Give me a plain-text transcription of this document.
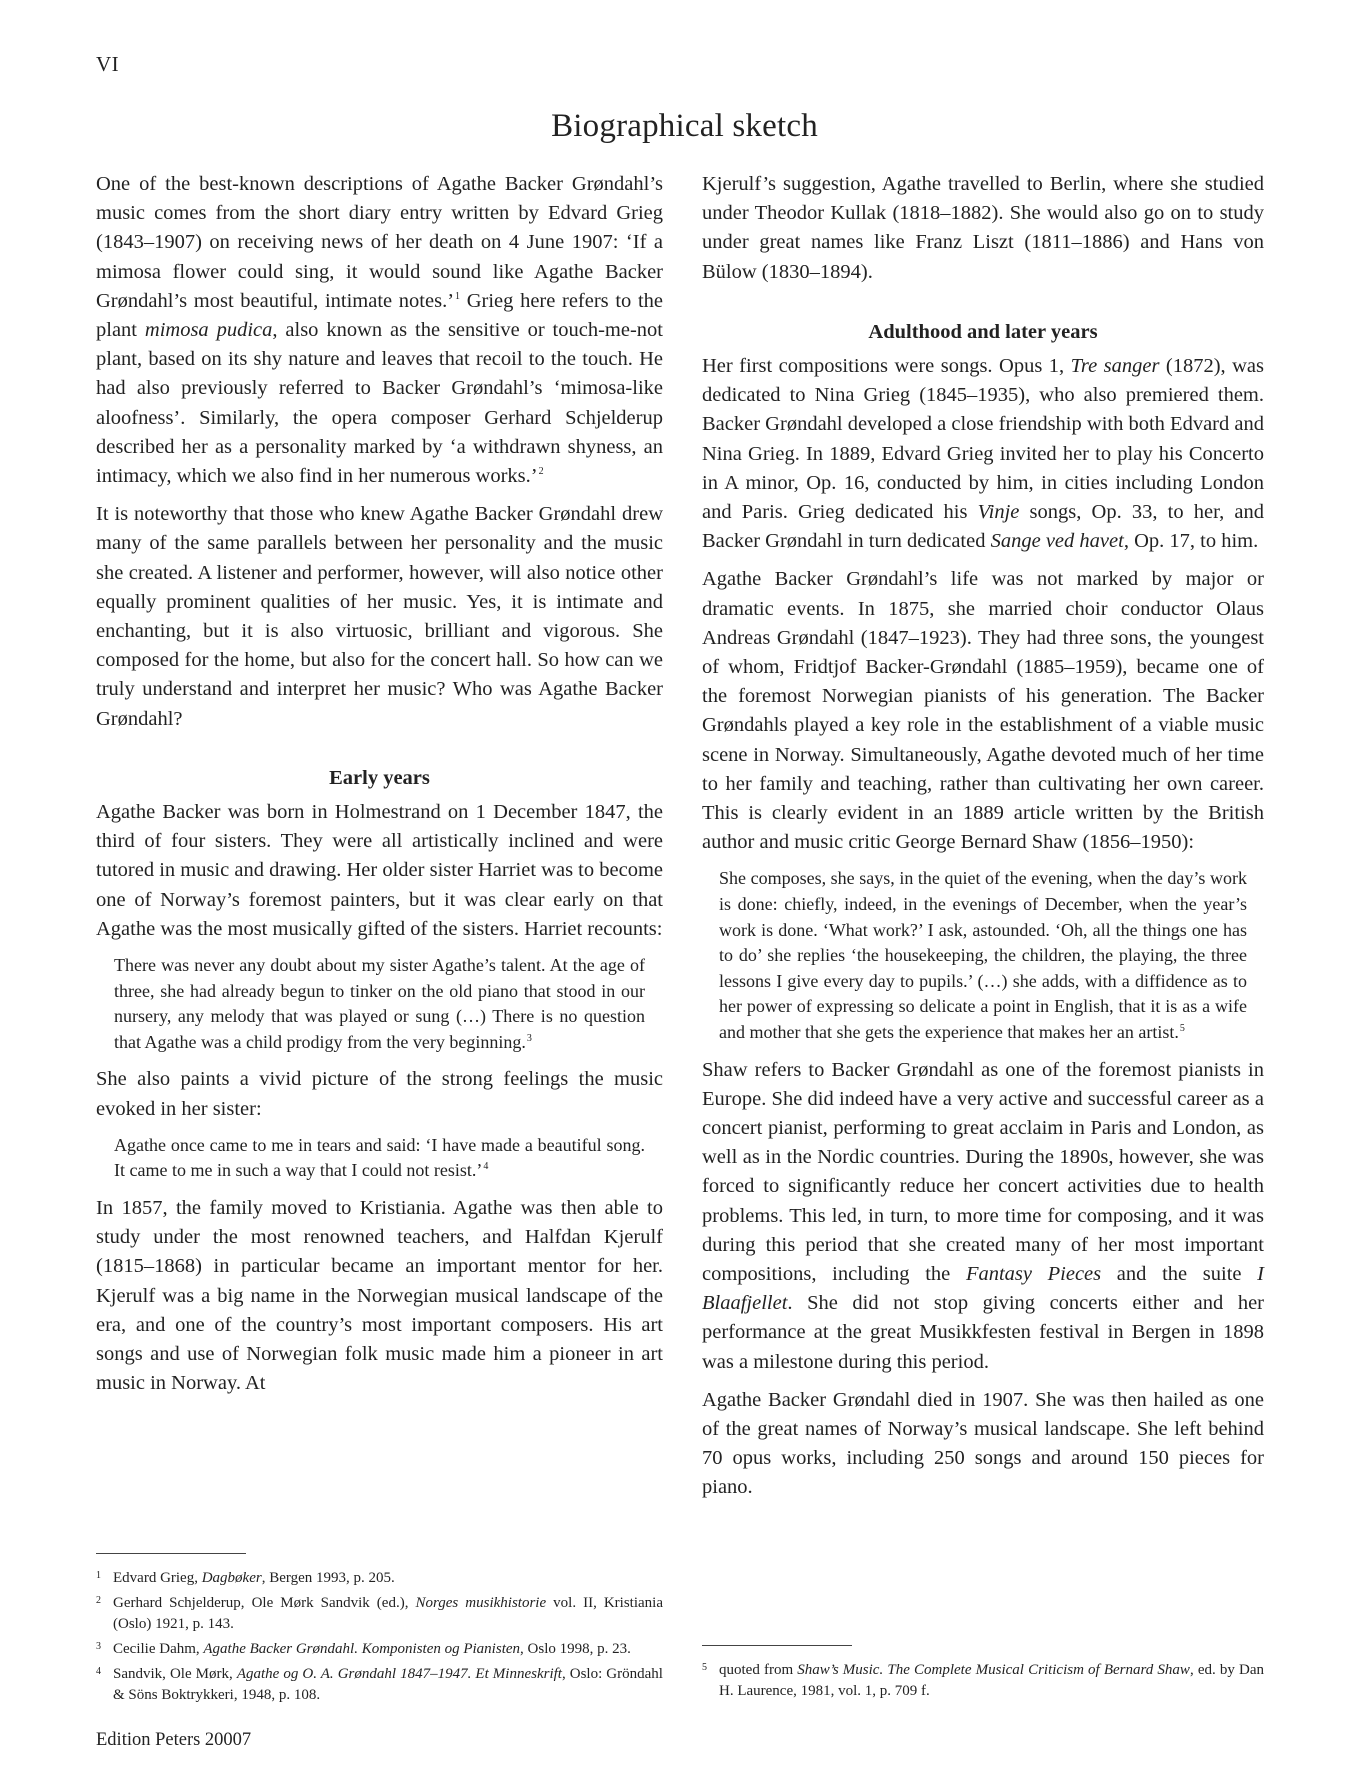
VI
Biographical sketch

One of the best-known descriptions of Agathe Backer Grøndahl’s music comes from the short diary entry written by Edvard Grieg (1843–1907) on receiving news of her death on 4 June 1907: ‘If a mimosa flower could sing, it would sound like Agathe Backer Grøndahl’s most beautiful, intimate notes.’$^1$ Grieg here refers to the plant mimosa pudica, also known as the sensitive or touch-me-not plant, based on its shy nature and leaves that recoil to the touch. He had also previously referred to Backer Grøndahl’s ‘mimosa-like aloofness’. Similarly, the opera composer Gerhard Schjelderup described her as a personality marked by ‘a withdrawn shyness, an intimacy, which we also find in her numerous works.’$^2$

It is noteworthy that those who knew Agathe Backer Grøndahl drew many of the same parallels between her personality and the music she created. A listener and performer, however, will also notice other equally prominent qualities of her music. Yes, it is intimate and enchanting, but it is also virtuosic, brilliant and vigorous. She composed for the home, but also for the concert hall. So how can we truly understand and interpret her music? Who was Agathe Backer Grøndahl?

Early years

Agathe Backer was born in Holmestrand on 1 December 1847, the third of four sisters. They were all artistically inclined and were tutored in music and drawing. Her older sister Harriet was to become one of Norway’s foremost painters, but it was clear early on that Agathe was the most musically gifted of the sisters. Harriet recounts:

There was never any doubt about my sister Agathe’s talent. At the age of three, she had already begun to tinker on the old piano that stood in our nursery, any melody that was played or sung (…) There is no question that Agathe was a child prodigy from the very beginning.$^3$

She also paints a vivid picture of the strong feelings the music evoked in her sister:

Agathe once came to me in tears and said: ‘I have made a beautiful song. It came to me in such a way that I could not resist.’$^4$

In 1857, the family moved to Kristiania. Agathe was then able to study under the most renowned teachers, and Halfdan Kjerulf (1815–1868) in particular became an important mentor for her. Kjerulf was a big name in the Norwegian musical landscape of the era, and one of the country’s most important composers. His art songs and use of Norwegian folk music made him a pioneer in art music in Norway. At

Kjerulf’s suggestion, Agathe travelled to Berlin, where she studied under Theodor Kullak (1818–1882). She would also go on to study under great names like Franz Liszt (1811–1886) and Hans von Bülow (1830–1894).

Adulthood and later years

Her first compositions were songs. Opus 1, Tre sanger (1872), was dedicated to Nina Grieg (1845–1935), who also premiered them. Backer Grøndahl developed a close friendship with both Edvard and Nina Grieg. In 1889, Edvard Grieg invited her to play his Concerto in A minor, Op. 16, conducted by him, in cities including London and Paris. Grieg dedicated his Vinje songs, Op. 33, to her, and Backer Grøndahl in turn dedicated Sange ved havet, Op. 17, to him.

Agathe Backer Grøndahl’s life was not marked by major or dramatic events. In 1875, she married choir conductor Olaus Andreas Grøndahl (1847–1923). They had three sons, the youngest of whom, Fridtjof Backer-Grøndahl (1885–1959), became one of the foremost Norwegian pianists of his generation. The Backer Grøndahls played a key role in the establishment of a viable music scene in Norway. Simultaneously, Agathe devoted much of her time to her family and teaching, rather than cultivating her own career. This is clearly evident in an 1889 article written by the British author and music critic George Bernard Shaw (1856–1950):

She composes, she says, in the quiet of the evening, when the day’s work is done: chiefly, indeed, in the evenings of December, when the year’s work is done. ‘What work?’ I ask, astounded. ‘Oh, all the things one has to do’ she replies ‘the housekeeping, the children, the playing, the three lessons I give every day to pupils.’ (…) she adds, with a diffidence as to her power of expressing so delicate a point in English, that it is as a wife and mother that she gets the experience that makes her an artist.$^5$

Shaw refers to Backer Grøndahl as one of the foremost pianists in Europe. She did indeed have a very active and successful career as a concert pianist, performing to great acclaim in Paris and London, as well as in the Nordic countries. During the 1890s, however, she was forced to significantly reduce her concert activities due to health problems. This led, in turn, to more time for composing, and it was during this period that she created many of her most important compositions, including the Fantasy Pieces and the suite I Blaafjellet. She did not stop giving concerts either and her performance at the great Musikkfesten festival in Bergen in 1898 was a milestone during this period.

Agathe Backer Grøndahl died in 1907. She was then hailed as one of the great names of Norway’s musical landscape. She left behind 70 opus works, including 250 songs and around 150 pieces for piano.

1 Edvard Grieg, Dagbøker, Bergen 1993, p. 205.
2 Gerhard Schjelderup, Ole Mørk Sandvik (ed.), Norges musikhistorie vol. II, Kristiania (Oslo) 1921, p. 143.
3 Cecilie Dahm, Agathe Backer Grøndahl. Komponisten og Pianisten, Oslo 1998, p. 23.
4 Sandvik, Ole Mørk, Agathe og O. A. Grøndahl 1847–1947. Et Minneskrift, Oslo: Gröndahl & Söns Boktrykkeri, 1948, p. 108.
5 quoted from Shaw’s Music. The Complete Musical Criticism of Bernard Shaw, ed. by Dan H. Laurence, 1981, vol. 1, p. 709 f.
Edition Peters 20007
